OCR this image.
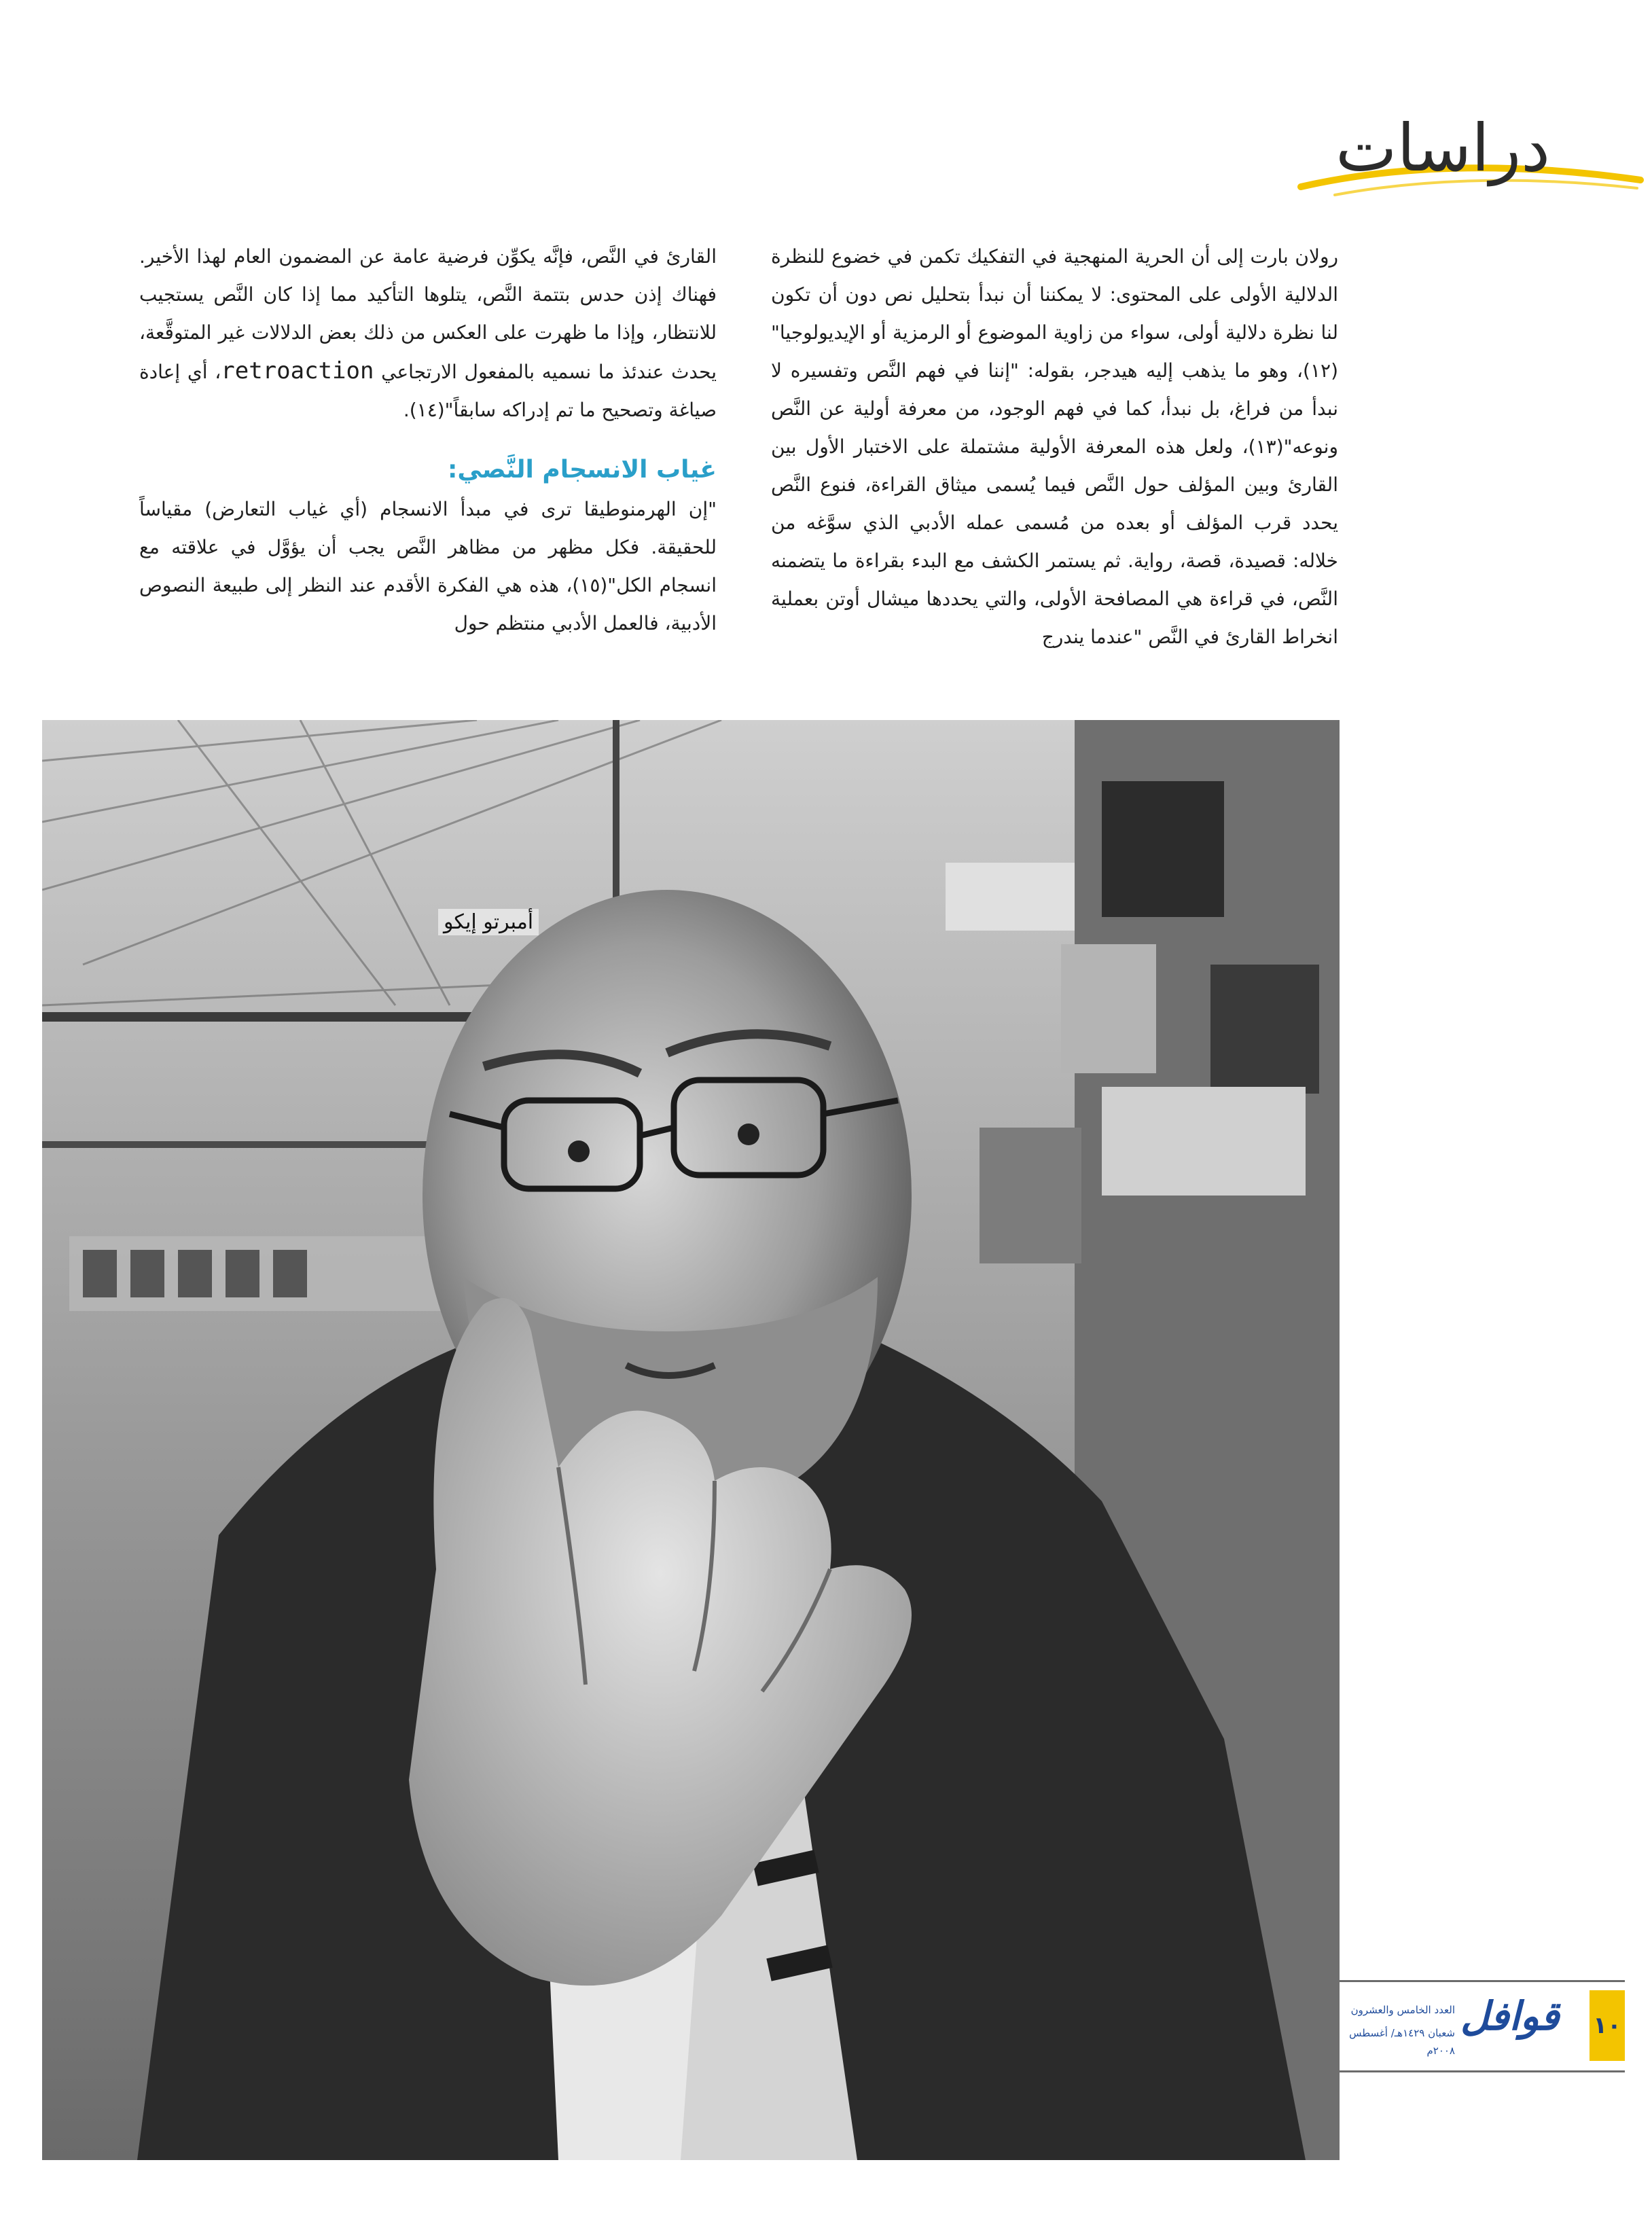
دراسات

رولان بارت إلى أن الحرية المنهجية في التفكيك تكمن في خضوع للنظرة الدلالية الأولى على المحتوى: لا يمكننا أن نبدأ بتحليل نص دون أن تكون لنا نظرة دلالية أولى، سواء من زاوية الموضوع أو الرمزية أو الإيديولوجيا"(١٢)، وهو ما يذهب إليه هيدجر، بقوله: "إننا في فهم النَّص وتفسيره لا نبدأ من فراغ، بل نبدأ، كما في فهم الوجود، من معرفة أولية عن النَّص ونوعه"(١٣)، ولعل هذه المعرفة الأولية مشتملة على الاختبار الأول بين القارئ وبين المؤلف حول النَّص فيما يُسمى ميثاق القراءة، فنوع النَّص يحدد قرب المؤلف أو بعده من مُسمى عمله الأدبي الذي سوَّغه من خلاله: قصيدة، قصة، رواية. ثم يستمر الكشف مع البدء بقراءة ما يتضمنه النَّص، في قراءة هي المصافحة الأولى، والتي يحددها ميشال أوتن بعملية انخراط القارئ في النَّص "عندما يندرج

القارئ في النَّص، فإنَّه يكوِّن فرضية عامة عن المضمون العام لهذا الأخير. فهناك إذن حدس بتتمة النَّص، يتلوها التأكيد مما إذا كان النَّص يستجيب للانتظار، وإذا ما ظهرت على العكس من ذلك بعض الدلالات غير المتوقَّعة، يحدث عندئذ ما نسميه بالمفعول الارتجاعي retroaction، أي إعادة صياغة وتصحيح ما تم إدراكه سابقاً"(١٤).

غياب الانسجام النَّصي:

"إن الهرمنوطيقا ترى في مبدأ الانسجام (أي غياب التعارض) مقياساً للحقيقة. فكل مظهر من مظاهر النَّص يجب أن يؤوَّل في علاقته مع انسجام الكل"(١٥)، هذه هي الفكرة الأقدم عند النظر إلى طبيعة النصوص الأدبية، فالعمل الأدبي منتظم حول

أمبرتو إيكو
العدد الخامس والعشرون
شعبان ١٤٢٩هـ/ أغسطس ٢٠٠٨م
قوافل ١٠
